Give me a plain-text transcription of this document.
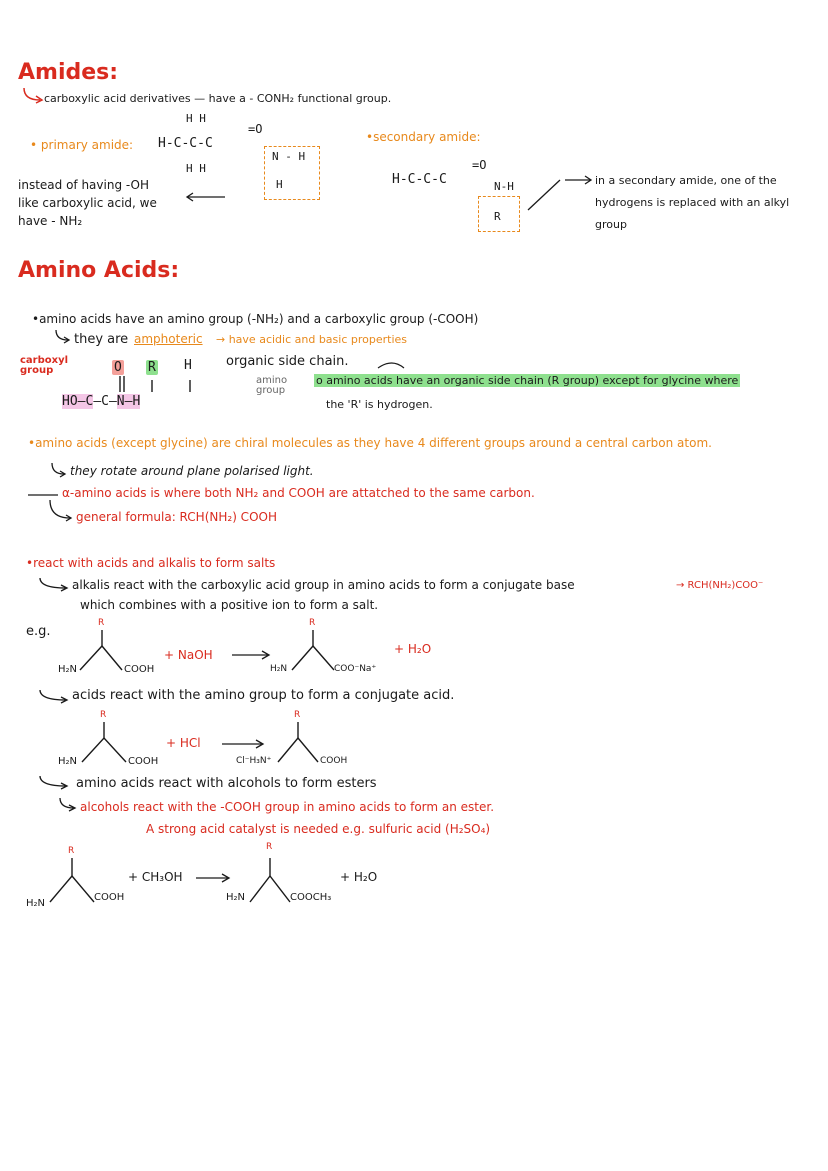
Amides:
carboxylic acid derivatives — have a - CONH₂ functional group.
• primary amide:
H H
H-C-C-C
H H
=O
N - H
H
instead of having -OH
like carboxylic acid, we
have - NH₂
•secondary amide:
H-C-C-C
=O
N-H
R
in a secondary amide, one of the
hydrogens is replaced with an alkyl
group
Amino Acids:
•amino acids have an amino group (-NH₂) and a carboxylic group (-COOH)
they are amphoteric → have acidic and basic properties
carboxyl group	O R H
HO—C—C—N—H
organic side chain.
amino group
o amino acids have an organic side chain (R group) except for glycine where
the 'R' is hydrogen.
•amino acids (except glycine) are chiral molecules as they have 4 different groups around a central carbon atom.
they rotate around plane polarised light.
α-amino acids is where both NH₂ and COOH are attatched to the same carbon.
general formula: RCH(NH₂) COOH
•react with acids and alkalis to form salts
alkalis react with the carboxylic acid group in amino acids to form a conjugate base	→ RCH(NH₂)COO⁻
which combines with a positive ion to form a salt.
e.g.
R
H₂N	COOH
+ NaOH
R
H₂N	COO⁻Na⁺
+ H₂O
acids react with the amino group to form a conjugate acid.
R
H₂N	COOH
+ HCl
R
Cl⁻H₃N⁺	COOH
amino acids react with alcohols to form esters
alcohols react with the -COOH group in amino acids to form an ester.
A strong acid catalyst is needed e.g. sulfuric acid (H₂SO₄)
R
H₂N
COOH
+ CH₃OH
R
H₂N	COOCH₃
+ H₂O
